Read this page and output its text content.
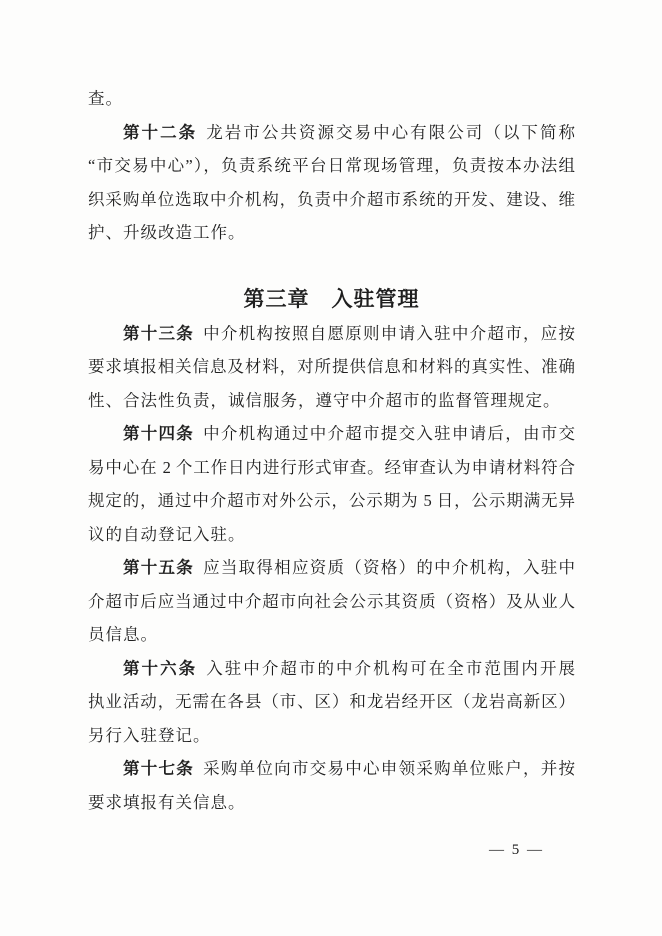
查。
第十二条 龙岩市公共资源交易中心有限公司（以下简称
“市交易中心”），负责系统平台日常现场管理，负责按本办法组
织采购单位选取中介机构，负责中介超市系统的开发、建设、维
护、升级改造工作。
第三章　入驻管理
第十三条 中介机构按照自愿原则申请入驻中介超市，应按
要求填报相关信息及材料，对所提供信息和材料的真实性、准确
性、合法性负责，诚信服务，遵守中介超市的监督管理规定。
第十四条 中介机构通过中介超市提交入驻申请后，由市交
易中心在 2 个工作日内进行形式审查。经审查认为申请材料符合
规定的，通过中介超市对外公示，公示期为 5 日，公示期满无异
议的自动登记入驻。
第十五条 应当取得相应资质（资格）的中介机构，入驻中
介超市后应当通过中介超市向社会公示其资质（资格）及从业人
员信息。
第十六条 入驻中介超市的中介机构可在全市范围内开展
执业活动，无需在各县（市、区）和龙岩经开区（龙岩高新区）
另行入驻登记。
第十七条 采购单位向市交易中心申领采购单位账户，并按
要求填报有关信息。
— 5 —
